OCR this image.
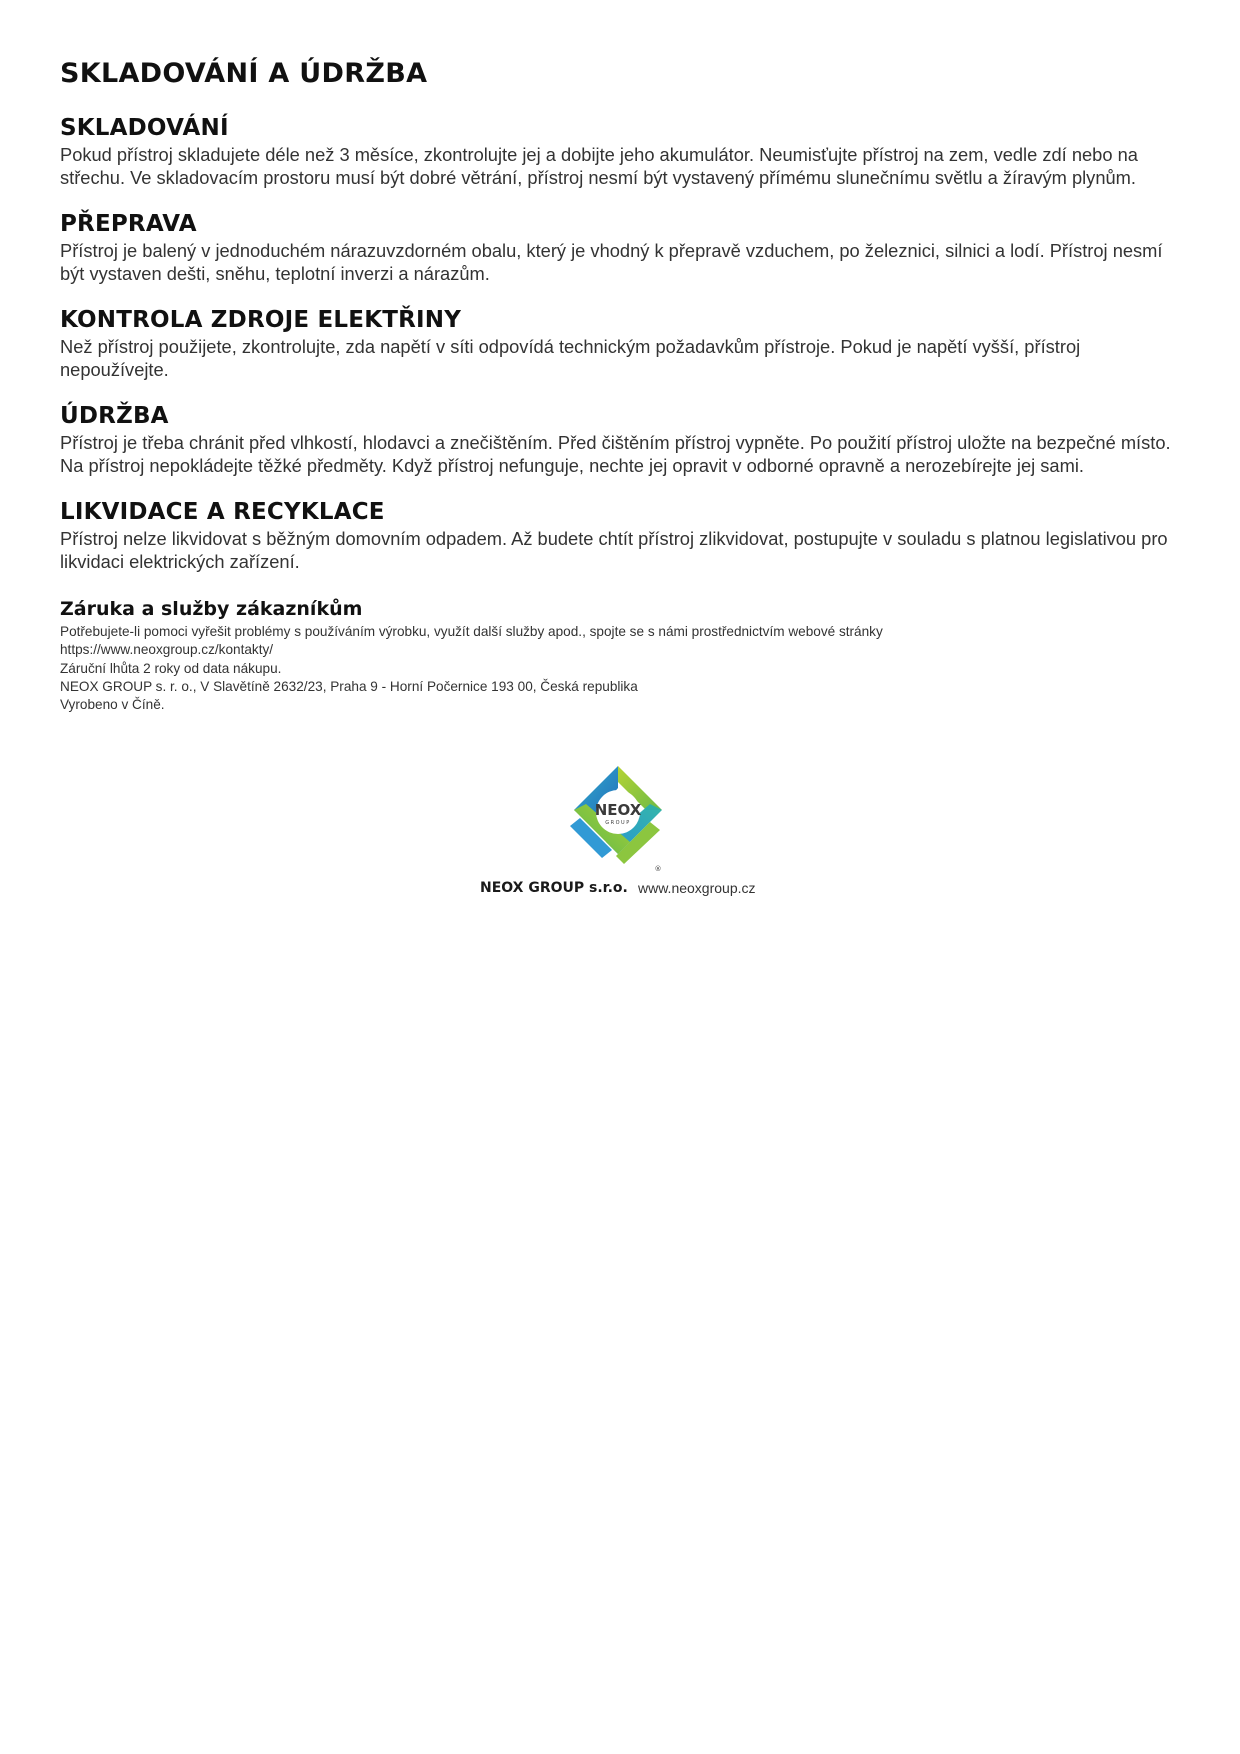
SKLADOVÁNÍ A ÚDRŽBA
SKLADOVÁNÍ

Pokud přístroj skladujete déle než 3 měsíce, zkontrolujte jej a dobijte jeho akumulátor. Neumisťujte přístroj na zem, vedle zdí nebo na střechu. Ve skladovacím prostoru musí být dobré větrání, přístroj nesmí být vystavený přímému slunečnímu světlu a žíravým plynům.

PŘEPRAVA

Přístroj je balený v jednoduchém nárazuvzdorném obalu, který je vhodný k přepravě vzduchem, po železnici, silnici a lodí. Přístroj nesmí být vystaven dešti, sněhu, teplotní inverzi a nárazům.

KONTROLA ZDROJE ELEKTŘINY

Než přístroj použijete, zkontrolujte, zda napětí v síti odpovídá technickým požadavkům přístroje. Pokud je napětí vyšší, přístroj nepoužívejte.

ÚDRŽBA

Přístroj je třeba chránit před vlhkostí, hlodavci a znečištěním. Před čištěním přístroj vypněte. Po použití přístroj uložte na bezpečné místo. Na přístroj nepokládejte těžké předměty. Když přístroj nefunguje, nechte jej opravit v odborné opravně a nerozebírejte jej sami.

LIKVIDACE A RECYKLACE

Přístroj nelze likvidovat s běžným domovním odpadem. Až budete chtít přístroj zlikvidovat, postupujte v souladu s platnou legislativou pro likvidaci elektrických zařízení.

Záruka a služby zákazníkům
Potřebujete-li pomoci vyřešit problémy s používáním výrobku, využít další služby apod., spojte se s námi prostřednictvím webové stránky
https://www.neoxgroup.cz/kontakty/
Záruční lhůta 2 roky od data nákupu.
NEOX GROUP s. r. o., V Slavětíně 2632/23, Praha 9 - Horní Počernice 193 00, Česká republika
Vyrobeno v Číně.
NEOX
GROUP
®
NEOX GROUP s.r.o. www.neoxgroup.cz
